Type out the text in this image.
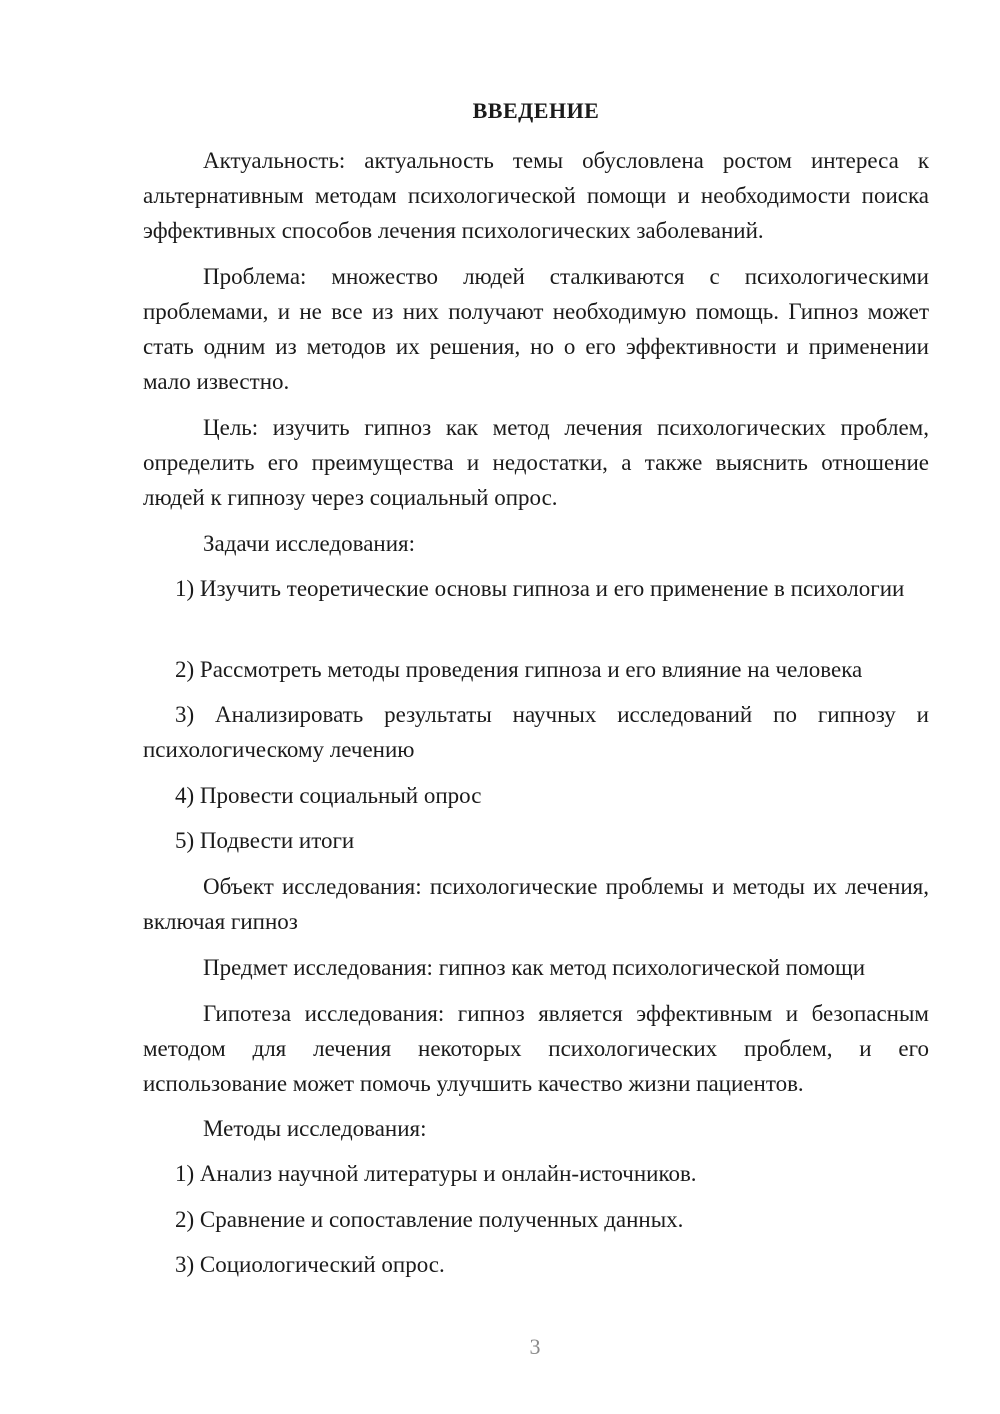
ВВЕДЕНИЕ
Актуальность: актуальность темы обусловлена ростом интереса к альтернативным методам психологической помощи и необходимости поиска эффективных способов лечения психологических заболеваний.
Проблема: множество людей сталкиваются с психологическими проблемами, и не все из них получают необходимую помощь. Гипноз может стать одним из методов их решения, но о его эффективности и применении мало известно.
Цель: изучить гипноз как метод лечения психологических проблем, определить его преимущества и недостатки, а также выяснить отношение людей к гипнозу через социальный опрос.
Задачи исследования:
1) Изучить теоретические основы гипноза и его применение в психологии
2) Рассмотреть методы проведения гипноза и его влияние на человека
3) Анализировать результаты научных исследований по гипнозу и психологическому лечению
4) Провести социальный опрос
5) Подвести итоги
Объект исследования: психологические проблемы и методы их лечения, включая гипноз
Предмет исследования: гипноз как метод психологической помощи
Гипотеза исследования: гипноз является эффективным и безопасным методом для лечения некоторых психологических проблем, и его использование может помочь улучшить качество жизни пациентов.
Методы исследования:
1) Анализ научной литературы и онлайн-источников.
2) Сравнение и сопоставление полученных данных.
3) Социологический опрос.
3
